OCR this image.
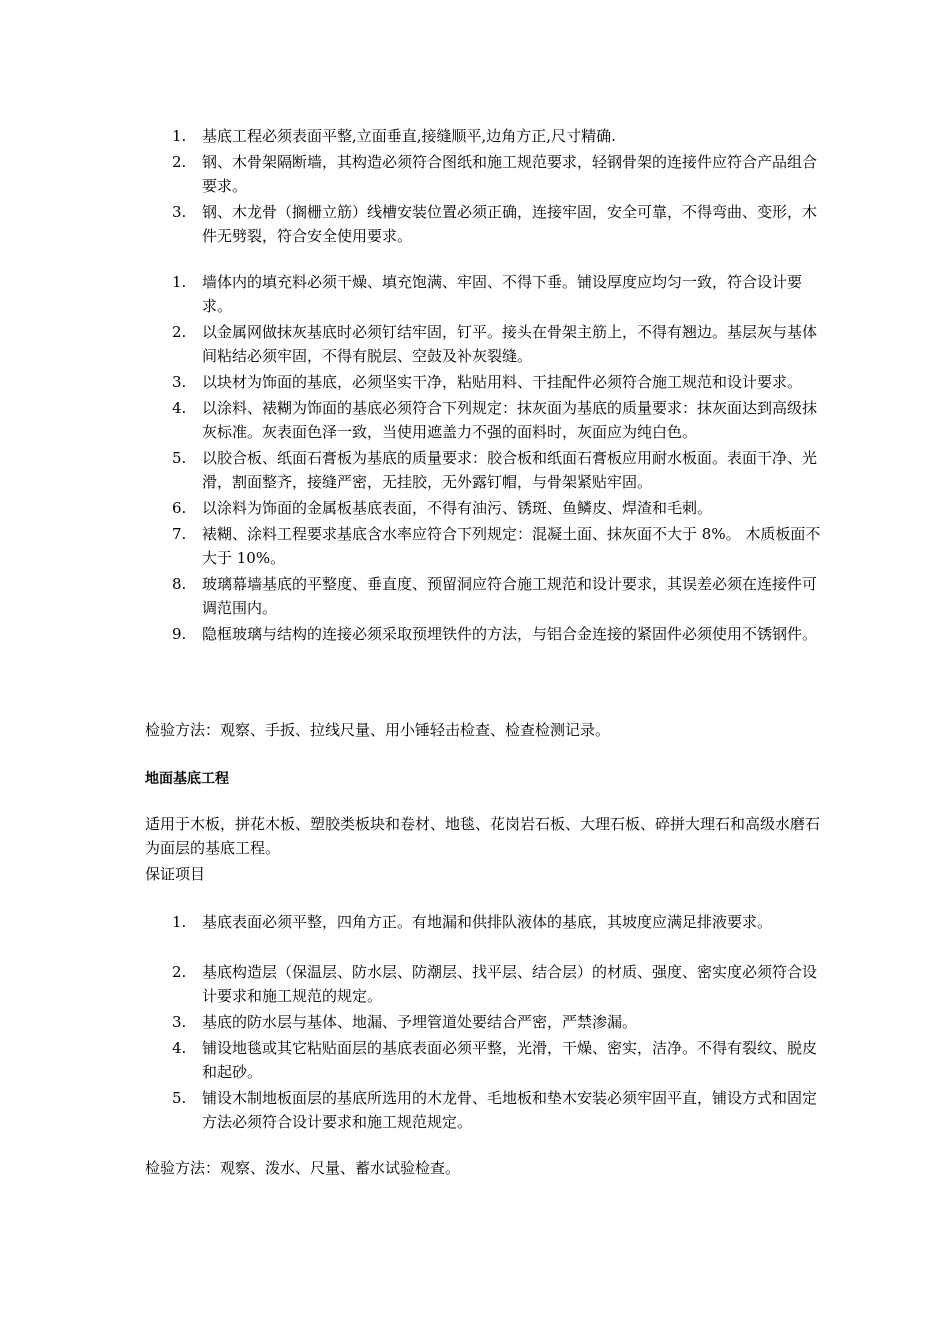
1. 基底工程必须表面平整,立面垂直,接缝顺平,边角方正,尺寸精确.
2. 钢、木骨架隔断墙，其构造必须符合图纸和施工规范要求，轻钢骨架的连接件应符合产品组合要求。
3. 钢、木龙骨（搁栅立筋）线槽安装位置必须正确，连接牢固，安全可靠，不得弯曲、变形，木件无劈裂，符合安全使用要求。
1. 墙体内的填充料必须干燥、填充饱满、牢固、不得下垂。铺设厚度应均匀一致，符合设计要求。
2. 以金属网做抹灰基底时必须钉结牢固，钉平。接头在骨架主筋上，不得有翘边。基层灰与基体间粘结必须牢固，不得有脱层、空鼓及补灰裂缝。
3. 以块材为饰面的基底，必须坚实干净，粘贴用料、干挂配件必须符合施工规范和设计要求。
4. 以涂料、裱糊为饰面的基底必须符合下列规定：抹灰面为基底的质量要求：抹灰面达到高级抹灰标准。灰表面色泽一致，当使用遮盖力不强的面料时，灰面应为纯白色。
5. 以胶合板、纸面石膏板为基底的质量要求：胶合板和纸面石膏板应用耐水板面。表面干净、光滑，割面整齐，接缝严密，无挂胶，无外露钉帽，与骨架紧贴牢固。
6. 以涂料为饰面的金属板基底表面，不得有油污、锈斑、鱼鳞皮、焊渣和毛刺。
7. 裱糊、涂料工程要求基底含水率应符合下列规定：混凝土面、抹灰面不大于 8%。 木质板面不大于 10%。
8. 玻璃幕墙基底的平整度、垂直度、预留洞应符合施工规范和设计要求，其误差必须在连接件可调范围内。
9. 隐框玻璃与结构的连接必须采取预埋铁件的方法，与铝合金连接的紧固件必须使用不锈钢件。

检验方法：观察、手扳、拉线尺量、用小锤轻击检查、检查检测记录。

地面基底工程

适用于木板，拼花木板、塑胶类板块和卷材、地毯、花岗岩石板、大理石板、碎拼大理石和高级水磨石为面层的基底工程。

保证项目

1. 基底表面必须平整，四角方正。有地漏和供排队液体的基底，其坡度应满足排液要求。
2. 基底构造层（保温层、防水层、防潮层、找平层、结合层）的材质、强度、密实度必须符合设计要求和施工规范的规定。
3. 基底的防水层与基体、地漏、予埋管道处要结合严密，严禁渗漏。
4. 铺设地毯或其它粘贴面层的基底表面必须平整，光滑，干燥、密实，洁净。不得有裂纹、脱皮和起砂。
5. 铺设木制地板面层的基底所选用的木龙骨、毛地板和垫木安装必须牢固平直，铺设方式和固定方法必须符合设计要求和施工规范规定。

检验方法：观察、泼水、尺量、蓄水试验检查。
